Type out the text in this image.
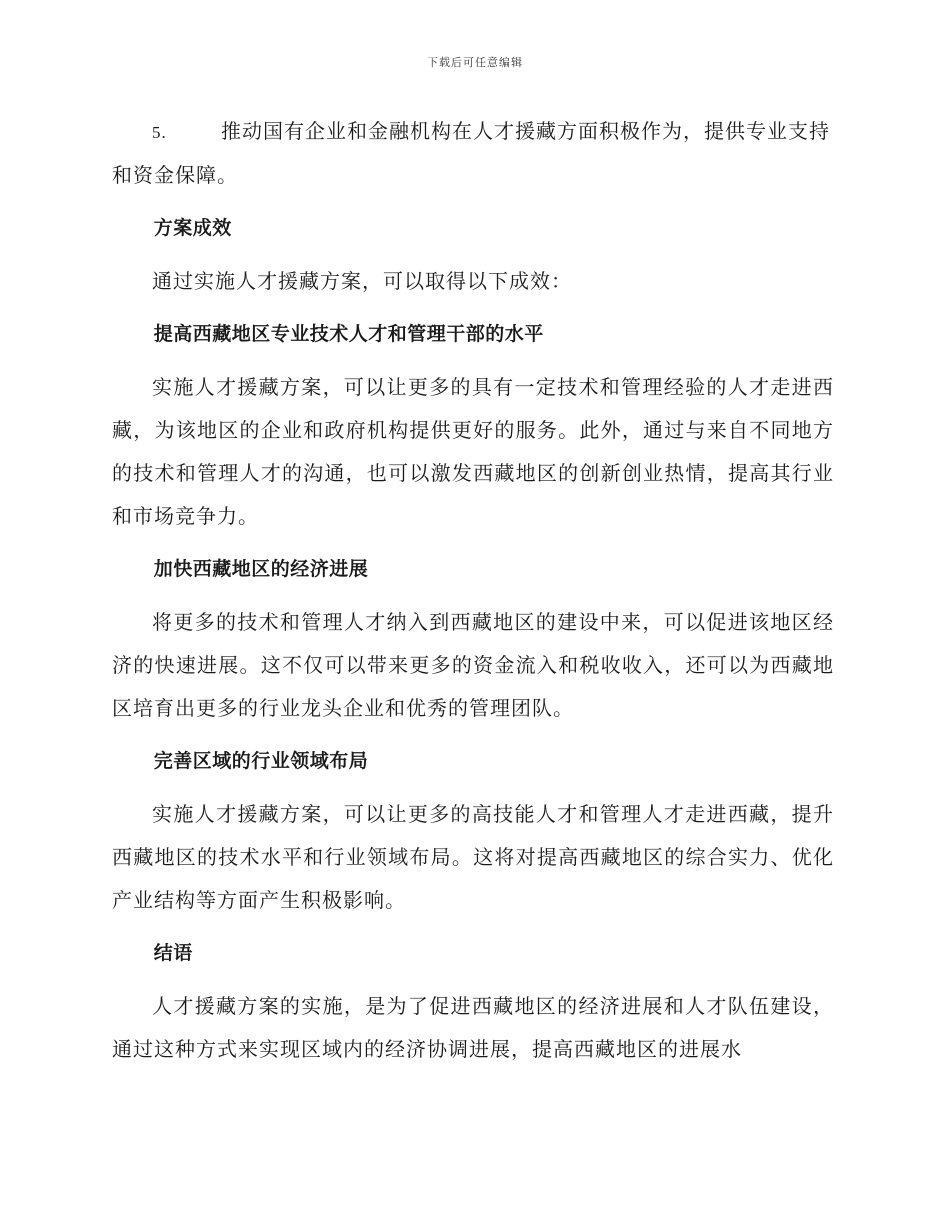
下载后可任意编辑

5.	推动国有企业和金融机构在人才援藏方面积极作为，提供专业支持和资金保障。

方案成效

通过实施人才援藏方案，可以取得以下成效：

提高西藏地区专业技术人才和管理干部的水平

实施人才援藏方案，可以让更多的具有一定技术和管理经验的人才走进西藏，为该地区的企业和政府机构提供更好的服务。此外，通过与来自不同地方的技术和管理人才的沟通，也可以激发西藏地区的创新创业热情，提高其行业和市场竞争力。

加快西藏地区的经济进展

将更多的技术和管理人才纳入到西藏地区的建设中来，可以促进该地区经济的快速进展。这不仅可以带来更多的资金流入和税收收入，还可以为西藏地区培育出更多的行业龙头企业和优秀的管理团队。

完善区域的行业领域布局

实施人才援藏方案，可以让更多的高技能人才和管理人才走进西藏，提升西藏地区的技术水平和行业领域布局。这将对提高西藏地区的综合实力、优化产业结构等方面产生积极影响。

结语

人才援藏方案的实施，是为了促进西藏地区的经济进展和人才队伍建设，通过这种方式来实现区域内的经济协调进展，提高西藏地区的进展水
